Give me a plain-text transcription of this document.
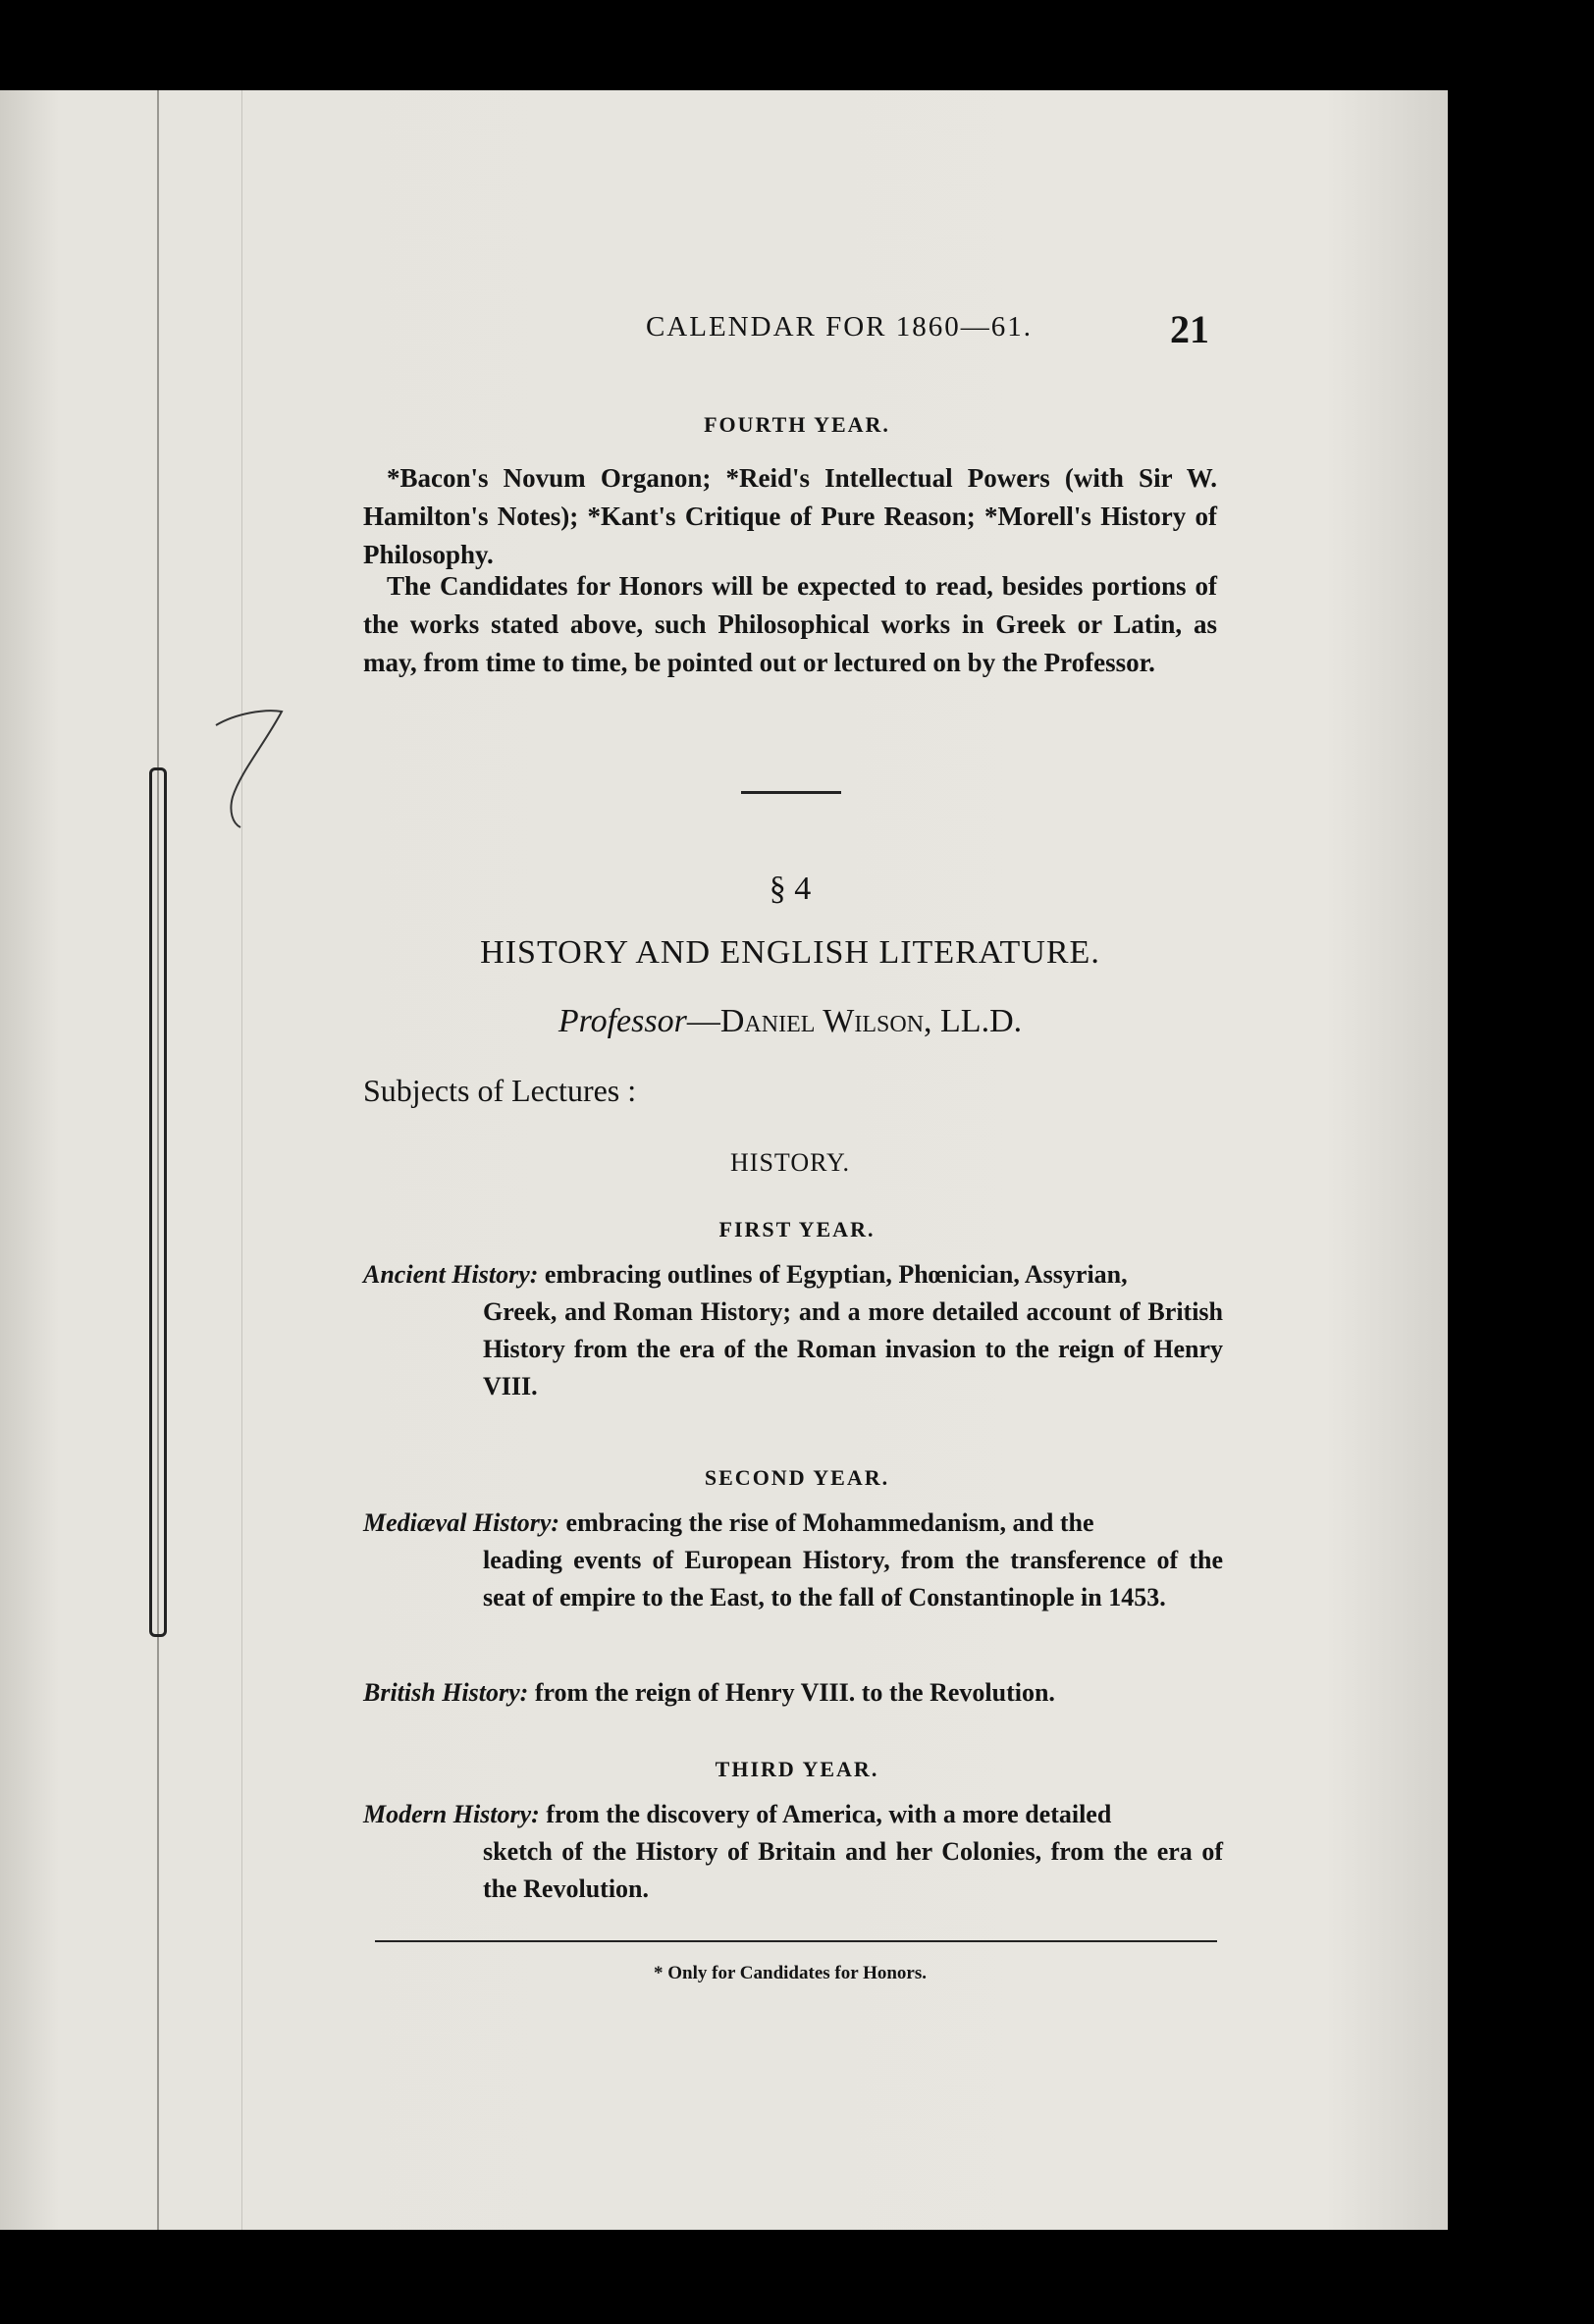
CALENDAR FOR 1860—61.	21
FOURTH YEAR.
*Bacon's Novum Organon; *Reid's Intellectual Powers (with Sir W. Hamilton's Notes); *Kant's Critique of Pure Reason; *Morell's History of Philosophy.
The Candidates for Honors will be expected to read, besides portions of the works stated above, such Philosophical works in Greek or Latin, as may, from time to time, be pointed out or lectured on by the Professor.
§ 4
HISTORY AND ENGLISH LITERATURE.
Professor—Daniel Wilson, LL.D.
Subjects of Lectures :
HISTORY.
FIRST YEAR.
Ancient History: embracing outlines of Egyptian, Phœnician, Assyrian,
Greek, and Roman History; and a more detailed account of British History from the era of the Roman invasion to the reign of Henry VIII.
SECOND YEAR.
Mediæval History: embracing the rise of Mohammedanism, and the
leading events of European History, from the transference of the seat of empire to the East, to the fall of Constantinople in 1453.
British History: from the reign of Henry VIII. to the Revolution.
THIRD YEAR.
Modern History: from the discovery of America, with a more detailed
sketch of the History of Britain and her Colonies, from the era of the Revolution.
* Only for Candidates for Honors.
